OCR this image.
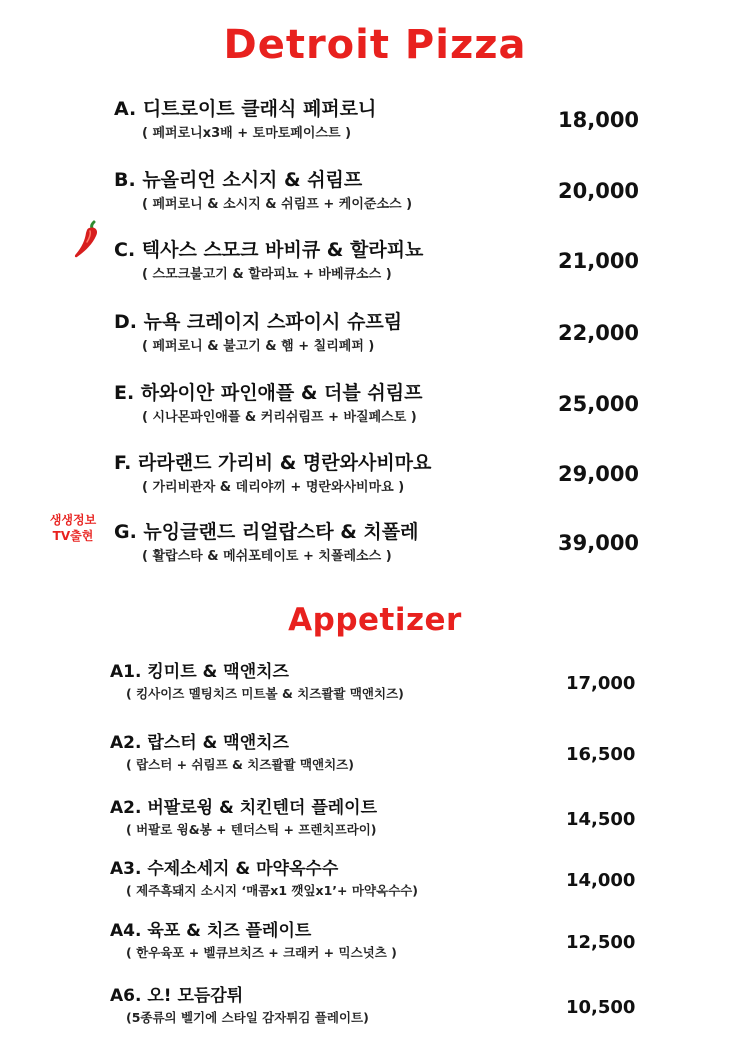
Detroit Pizza
생생정보
TV출현
A. 디트로이트 클래식 페퍼로니
( 페퍼로니x3배 + 토마토페이스트 )
18,000
B. 뉴올리언 소시지 & 쉬림프
( 페퍼로니 & 소시지 & 쉬림프 + 케이준소스 )
20,000
C. 텍사스 스모크 바비큐 & 할라피뇨
( 스모크불고기 & 할라피뇨 + 바베큐소스 )
21,000
D. 뉴욕 크레이지 스파이시 슈프림
( 페퍼로니 & 불고기 & 햄 + 칠리페퍼 )
22,000
E. 하와이안 파인애플 & 더블 쉬림프
( 시나몬파인애플 & 커리쉬림프 + 바질페스토 )
25,000
F. 라라랜드 가리비 & 명란와사비마요
( 가리비관자 & 데리야끼 + 명란와사비마요 )
29,000
G. 뉴잉글랜드 리얼랍스타 & 치폴레
( 활랍스타 & 메쉬포테이토 + 치폴레소스 )
39,000
Appetizer
A1. 킹미트 & 맥앤치즈
( 킹사이즈 멜팅치즈 미트볼 & 치즈콸콸 맥앤치즈)	17,000
A2. 랍스터 & 맥앤치즈
( 랍스터 + 쉬림프 & 치즈콸콸 맥앤치즈)	16,500
A2. 버팔로윙 & 치킨텐더 플레이트
( 버팔로 윙&봉 + 텐더스틱 + 프렌치프라이)	14,500
A3. 수제소세지 & 마약옥수수
( 제주흑돼지 소시지 ‘매콤x1 깻잎x1’+ 마약옥수수)	14,000
A4. 육포 & 치즈 플레이트
( 한우육포 + 벨큐브치즈 + 크래커 + 믹스넛츠 )	12,500
A6. 오! 모듬감튀
(5종류의 벨기에 스타일 감자튀김 플레이트)	10,500
